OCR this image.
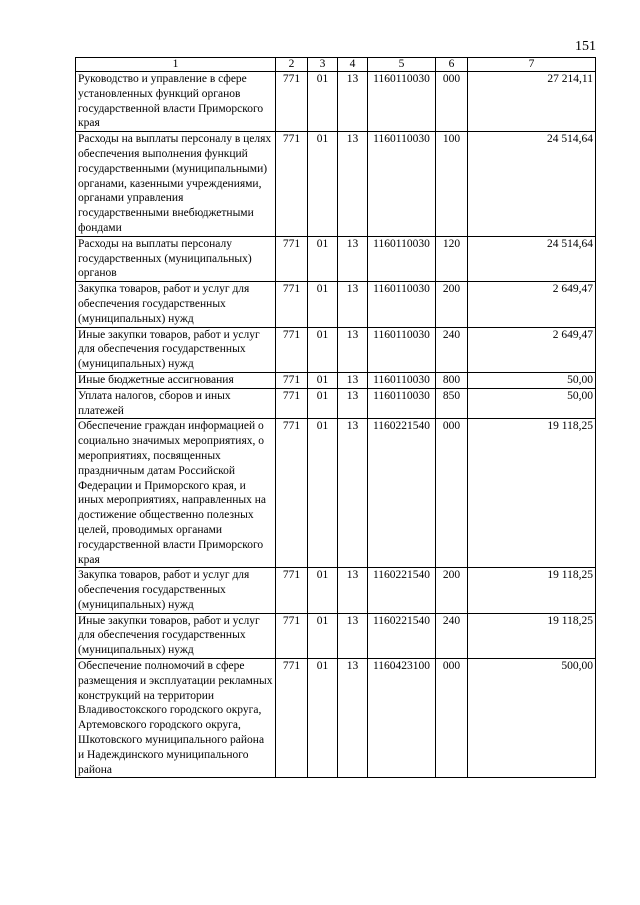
151
1	2	3	4	5	6	7
Руководство и управление в сфере установленных функций органов государственной власти Приморского края	771	01	13	1160110030	000	27 214,11
Расходы на выплаты персоналу в целях обеспечения выполнения функций государственными (муниципальными) органами, казенными учреждениями, органами управления государственными внебюджетными фондами	771	01	13	1160110030	100	24 514,64
Расходы на выплаты персоналу государственных (муниципальных) органов	771	01	13	1160110030	120	24 514,64
Закупка товаров, работ и услуг для обеспечения государственных (муниципальных) нужд	771	01	13	1160110030	200	2 649,47
Иные закупки товаров, работ и услуг для обеспечения государственных (муниципальных) нужд	771	01	13	1160110030	240	2 649,47
Иные бюджетные ассигнования	771	01	13	1160110030	800	50,00
Уплата налогов, сборов и иных платежей	771	01	13	1160110030	850	50,00
Обеспечение граждан информацией о социально значимых мероприятиях, о мероприятиях, посвященных праздничным датам Российской Федерации и Приморского края, и иных мероприятиях, направленных на достижение общественно полезных целей, проводимых органами государственной власти Приморского края	771	01	13	1160221540	000	19 118,25
Закупка товаров, работ и услуг для обеспечения государственных (муниципальных) нужд	771	01	13	1160221540	200	19 118,25
Иные закупки товаров, работ и услуг для обеспечения государственных (муниципальных) нужд	771	01	13	1160221540	240	19 118,25
Обеспечение полномочий в сфере размещения и эксплуатации рекламных конструкций на территории Владивостокского городского округа, Артемовского городского округа, Шкотовского муниципального района и Надеждинского муниципального района	771	01	13	1160423100	000	500,00
